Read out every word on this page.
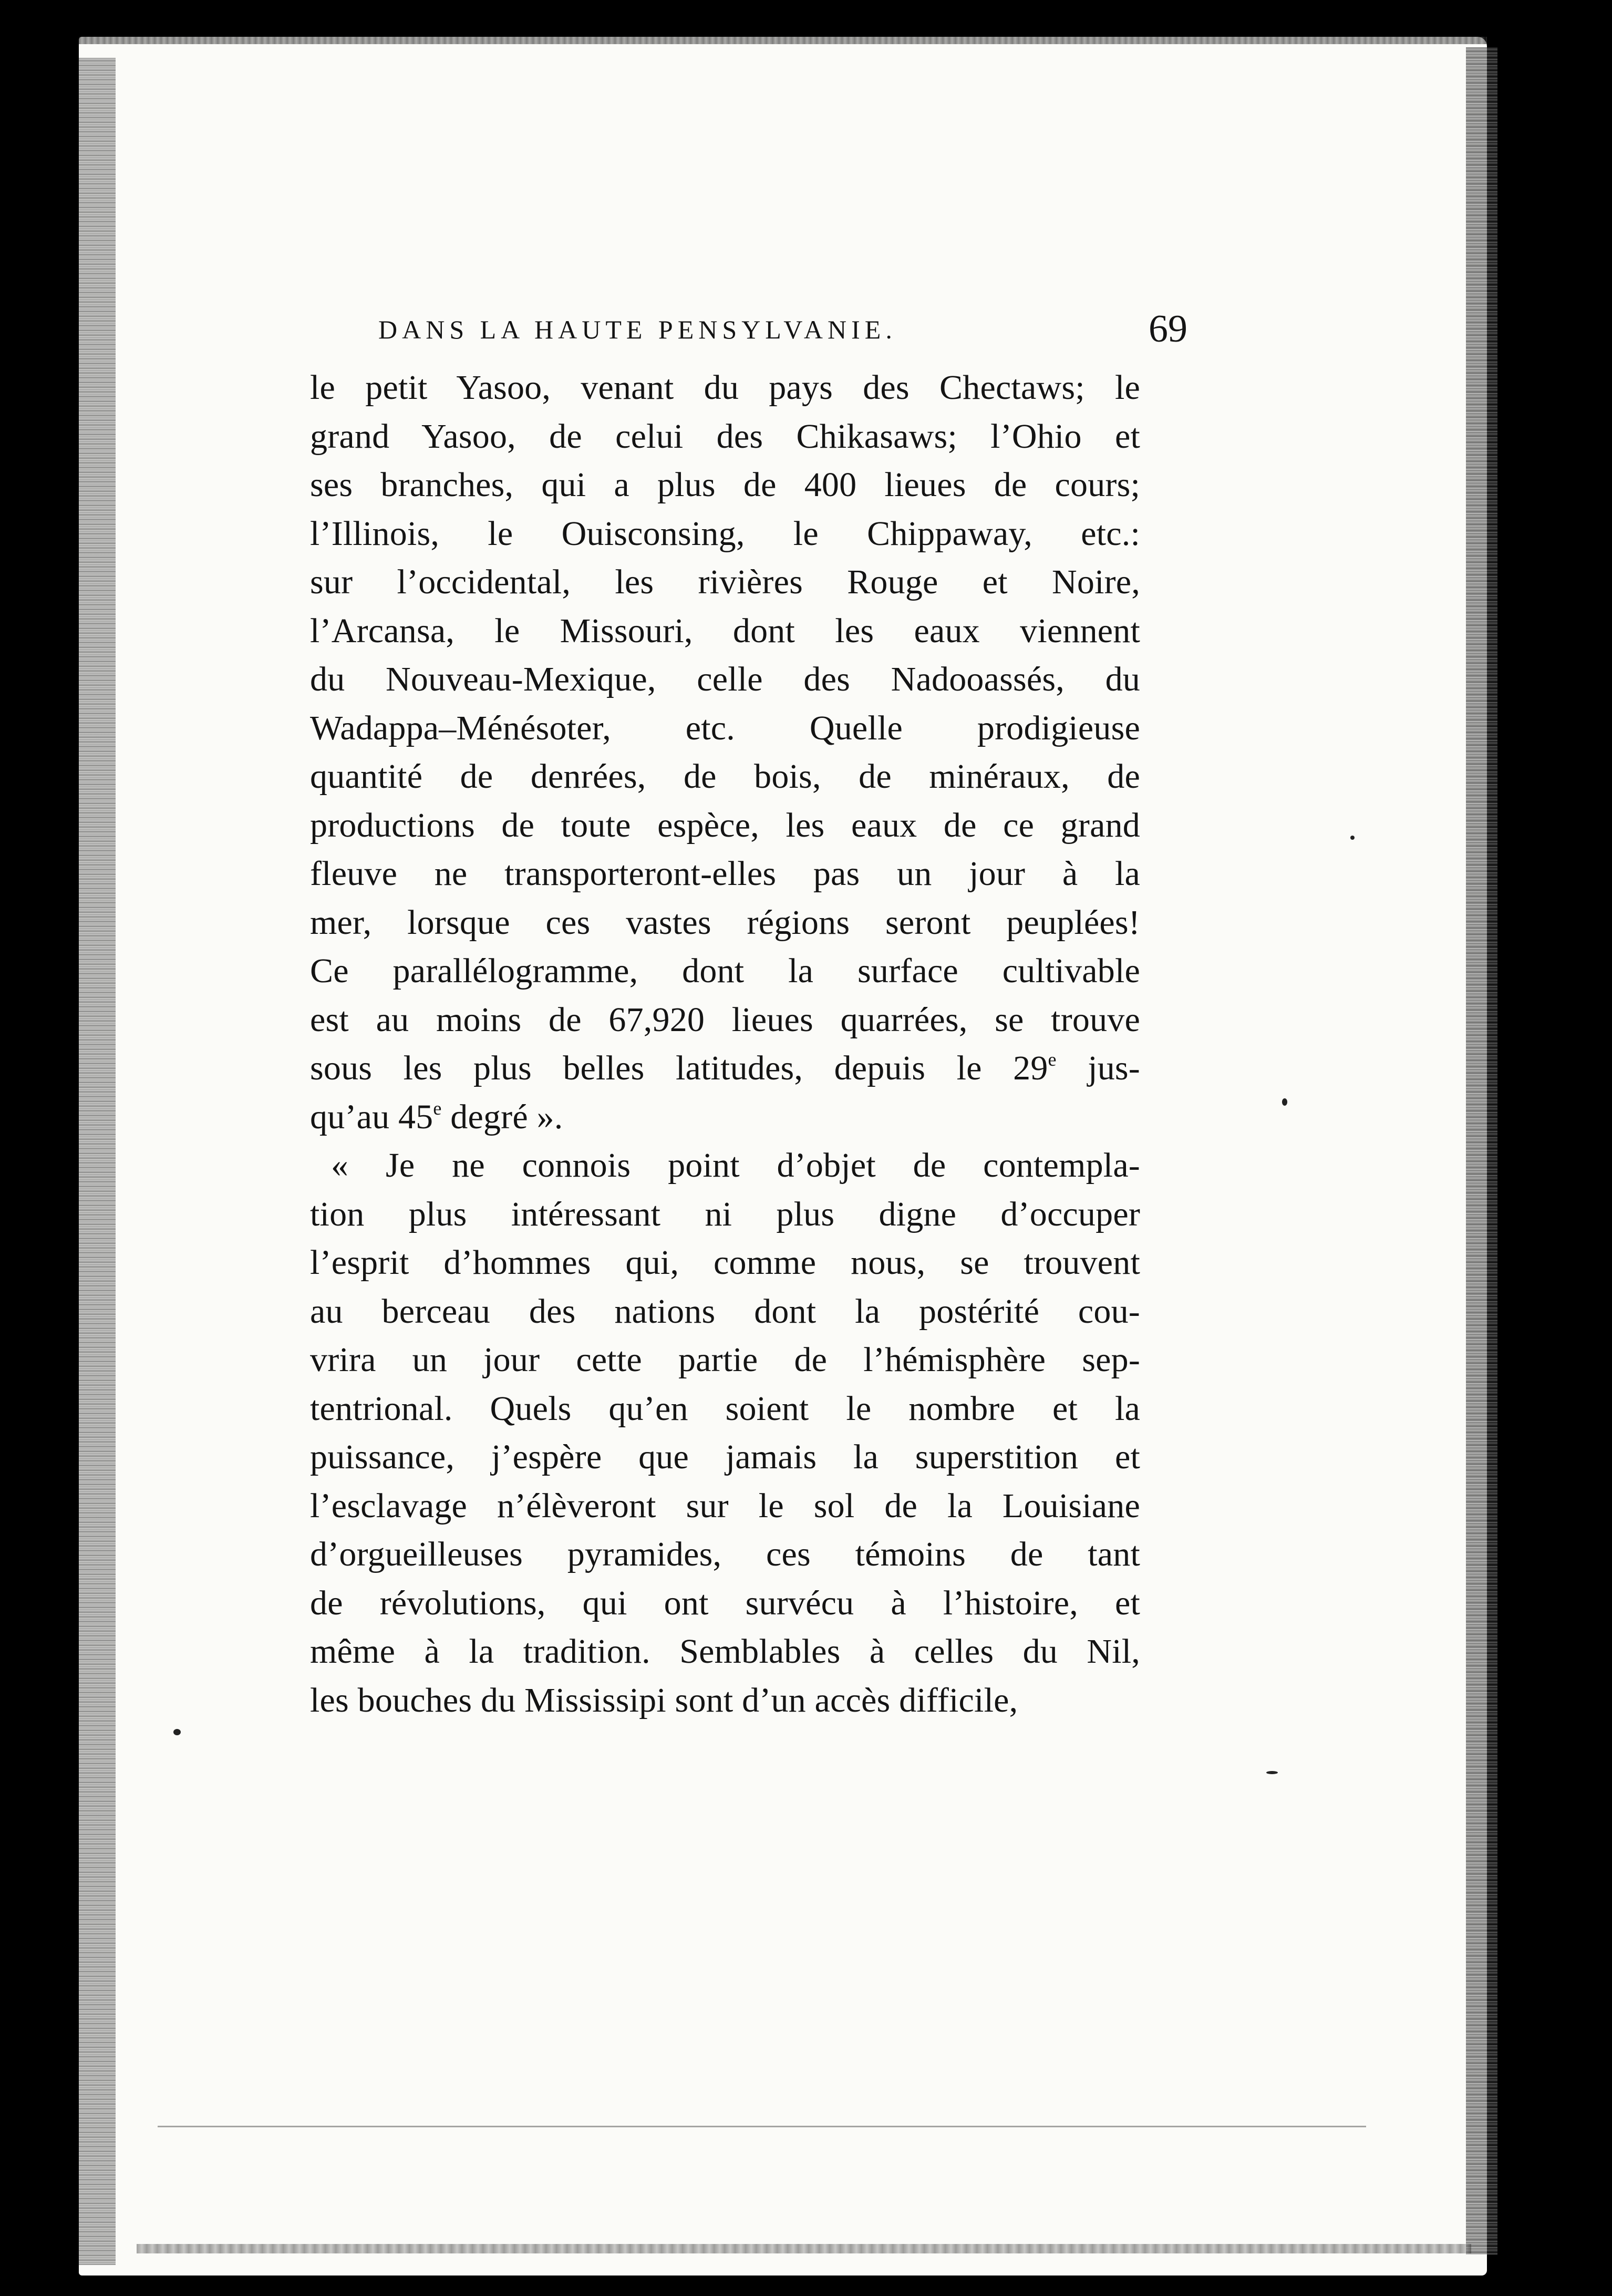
DANS LA HAUTE PENSYLVANIE.	69
le petit Yasoo, venant du pays des Chectaws; le
grand Yasoo, de celui des Chikasaws; l’Ohio et
ses branches, qui a plus de 400 lieues de cours;
l’Illinois, le Ouisconsing, le Chippaway, etc.:
sur l’occidental, les rivières Rouge et Noire,
l’Arcansa, le Missouri, dont les eaux viennent
du Nouveau-Mexique, celle des Nadooassés, du
Wadappa–Ménésoter, etc. Quelle prodigieuse
quantité de denrées, de bois, de minéraux, de
productions de toute espèce, les eaux de ce grand
fleuve ne transporteront-elles pas un jour à la
mer, lorsque ces vastes régions seront peuplées!
Ce parallélogramme, dont la surface cultivable
est au moins de 67,920 lieues quarrées, se trouve
sous les plus belles latitudes, depuis le 29e jus-
qu’au 45e degré ».
« Je ne connois point d’objet de contempla-
tion plus intéressant ni plus digne d’occuper
l’esprit d’hommes qui, comme nous, se trouvent
au berceau des nations dont la postérité cou-
vrira un jour cette partie de l’hémisphère sep-
tentrional. Quels qu’en soient le nombre et la
puissance, j’espère que jamais la superstition et
l’esclavage n’élèveront sur le sol de la Louisiane
d’orgueilleuses pyramides, ces témoins de tant
de révolutions, qui ont survécu à l’histoire, et
même à la tradition. Semblables à celles du Nil,
les bouches du Mississipi sont d’un accès difficile,
